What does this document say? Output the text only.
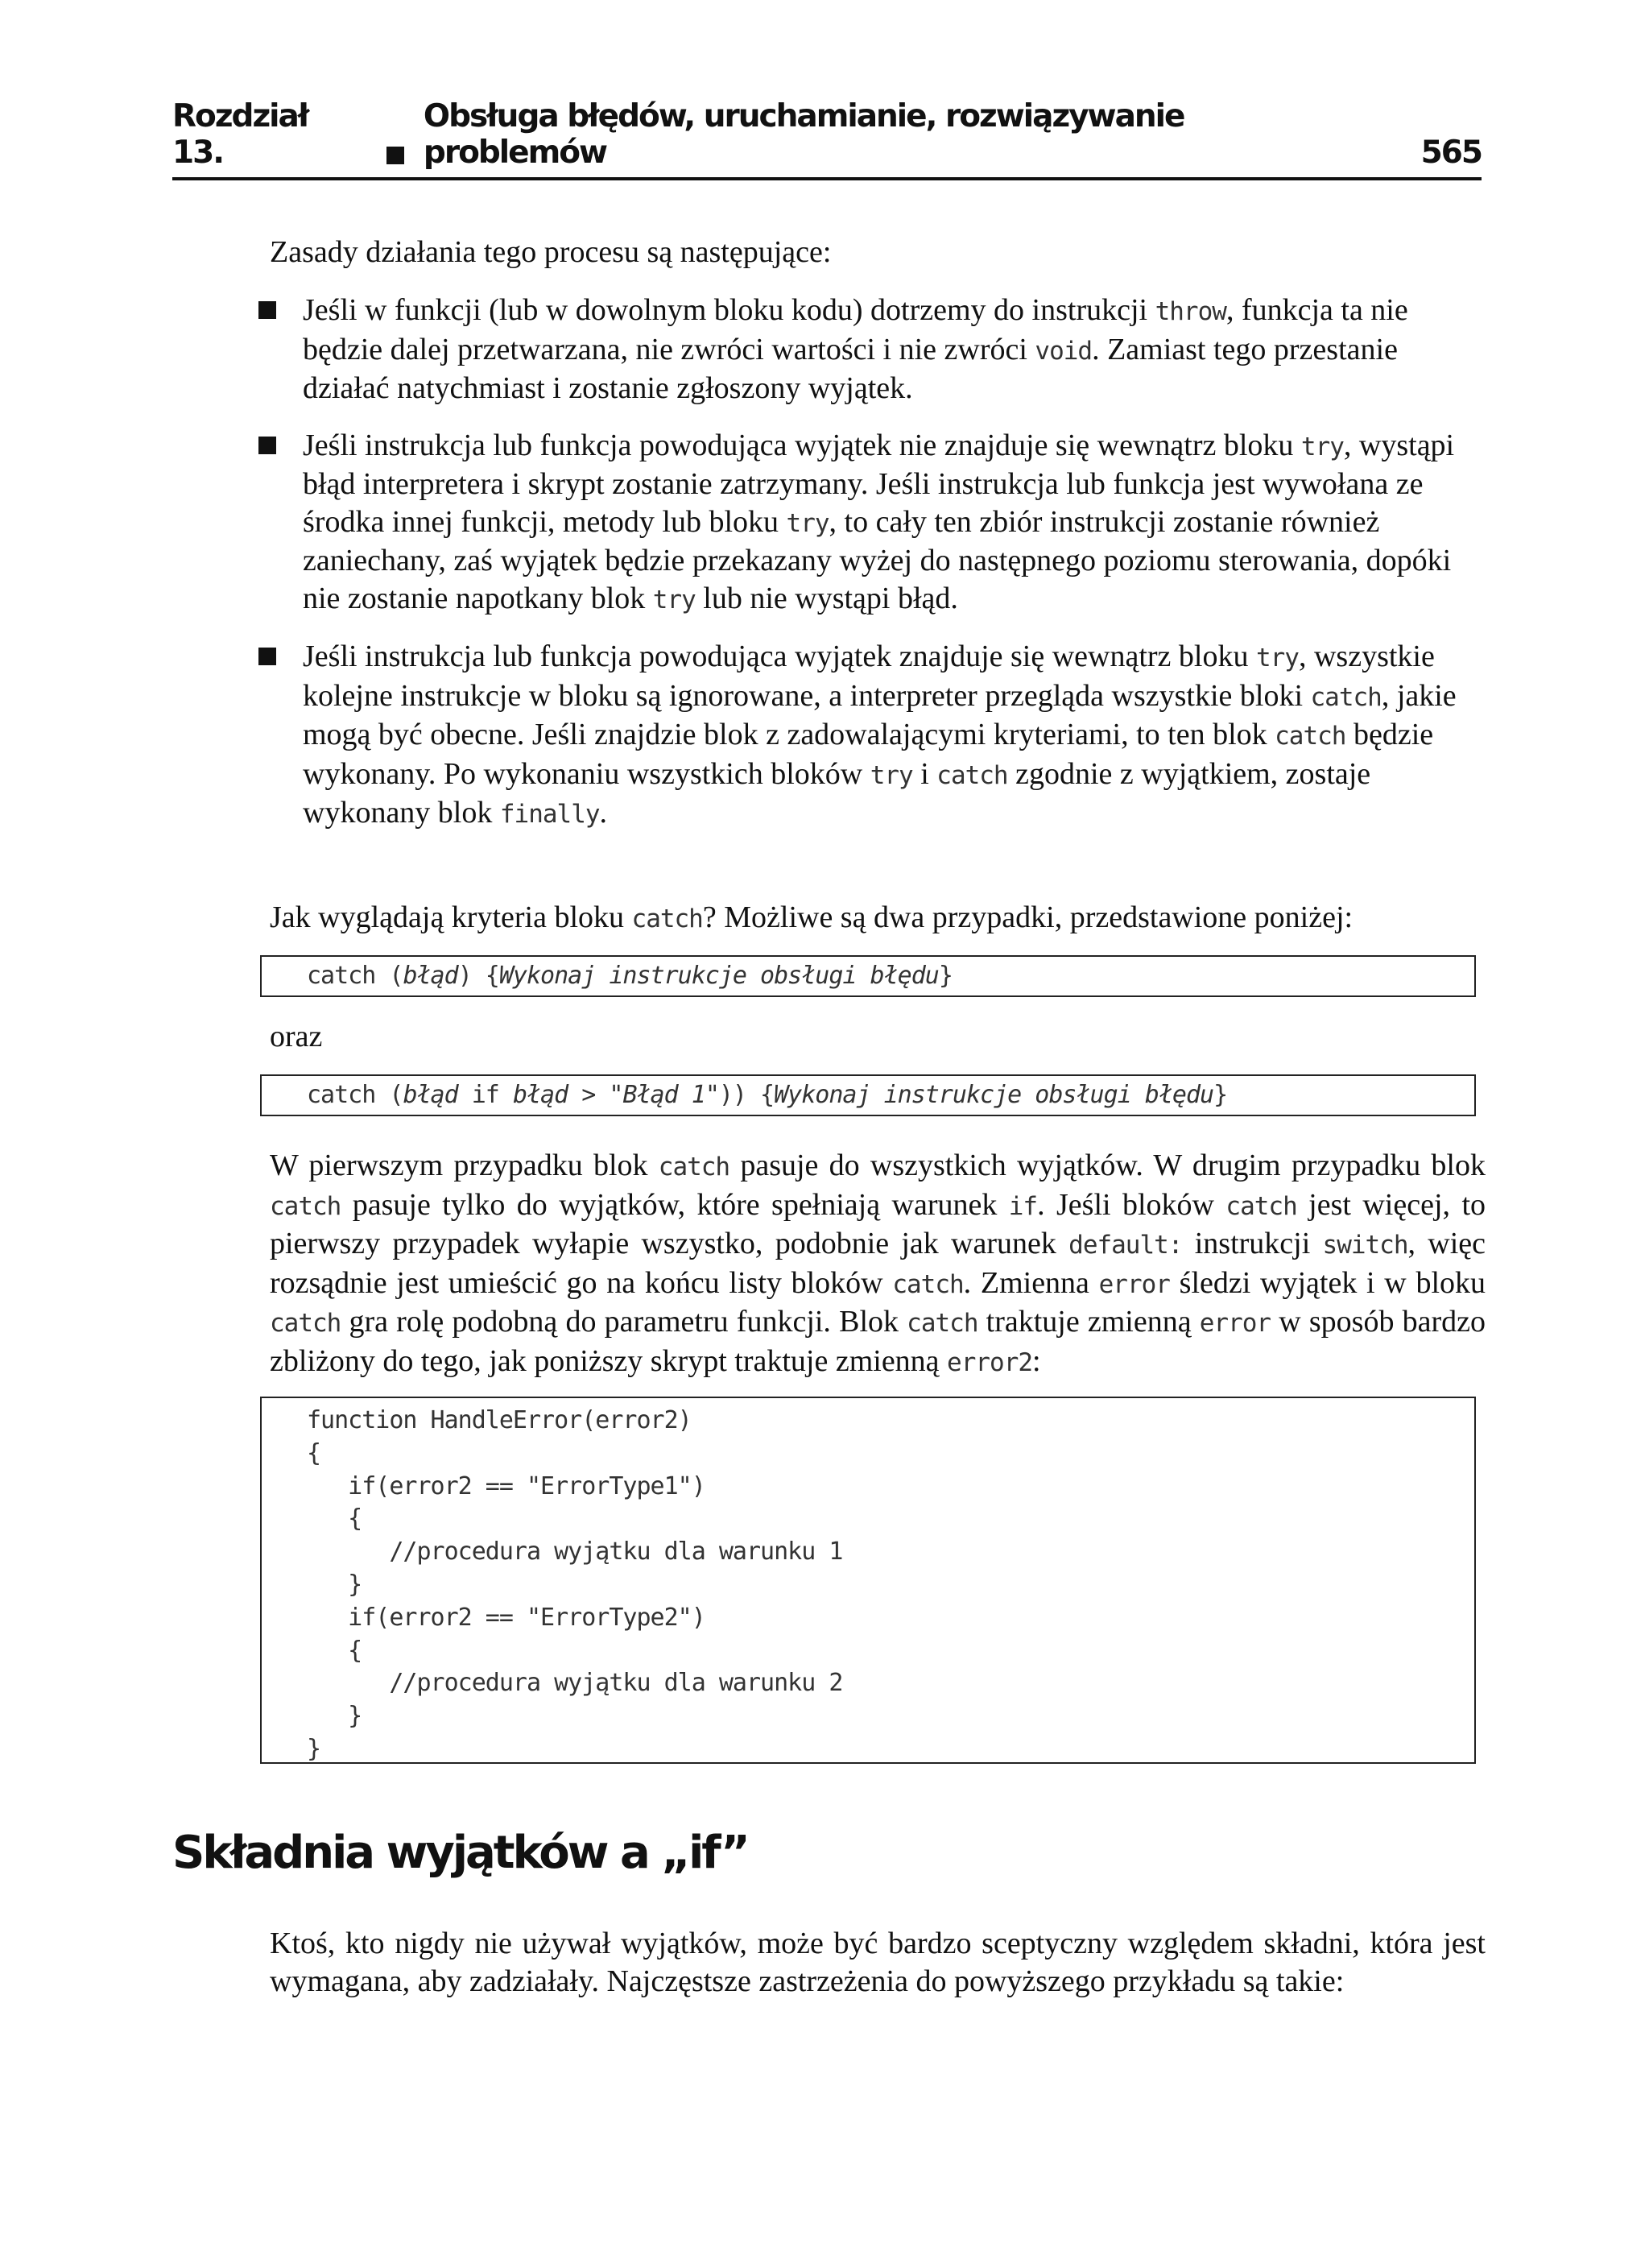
Rozdział 13.
Obsługa błędów, uruchamianie, rozwiązywanie problemów	565
Zasady działania tego procesu są następujące:
Jeśli w funkcji (lub w dowolnym bloku kodu) dotrzemy do instrukcji throw, funkcja ta nie będzie dalej przetwarzana, nie zwróci wartości i nie zwróci void. Zamiast tego przestanie działać natychmiast i zostanie zgłoszony wyjątek.
Jeśli instrukcja lub funkcja powodująca wyjątek nie znajduje się wewnątrz bloku try, wystąpi błąd interpretera i skrypt zostanie zatrzymany. Jeśli instrukcja lub funkcja jest wywołana ze środka innej funkcji, metody lub bloku try, to cały ten zbiór instrukcji zostanie również zaniechany, zaś wyjątek będzie przekazany wyżej do następnego poziomu sterowania, dopóki nie zostanie napotkany blok try lub nie wystąpi błąd.
Jeśli instrukcja lub funkcja powodująca wyjątek znajduje się wewnątrz bloku try, wszystkie kolejne instrukcje w bloku są ignorowane, a interpreter przegląda wszystkie bloki catch, jakie mogą być obecne. Jeśli znajdzie blok z zadowalającymi kryteriami, to ten blok catch będzie wykonany. Po wykonaniu wszystkich bloków try i catch zgodnie z wyjątkiem, zostaje wykonany blok finally.
Jak wyglądają kryteria bloku catch? Możliwe są dwa przypadki, przedstawione poniżej:
catch (błąd) {Wykonaj instrukcje obsługi błędu}
oraz
catch (błąd if błąd > "Błąd 1")) {Wykonaj instrukcje obsługi błędu}
W pierwszym przypadku blok catch pasuje do wszystkich wyjątków. W drugim przypadku blok catch pasuje tylko do wyjątków, które spełniają warunek if. Jeśli bloków catch jest więcej, to pierwszy przypadek wyłapie wszystko, podobnie jak warunek default: instrukcji switch, więc rozsądnie jest umieścić go na końcu listy bloków catch. Zmienna error śledzi wyjątek i w bloku catch gra rolę podobną do parametru funkcji. Blok catch traktuje zmienną error w sposób bardzo zbliżony do tego, jak poniższy skrypt traktuje zmienną error2:
function HandleError(error2)
{
if(error2 == "ErrorType1")
{
//procedura wyjątku dla warunku 1
}
if(error2 == "ErrorType2")
{
//procedura wyjątku dla warunku 2
}
}
Składnia wyjątków a „if”
Ktoś, kto nigdy nie używał wyjątków, może być bardzo sceptyczny względem składni, która jest wymagana, aby zadziałały. Najczęstsze zastrzeżenia do powyższego przykładu są takie:
